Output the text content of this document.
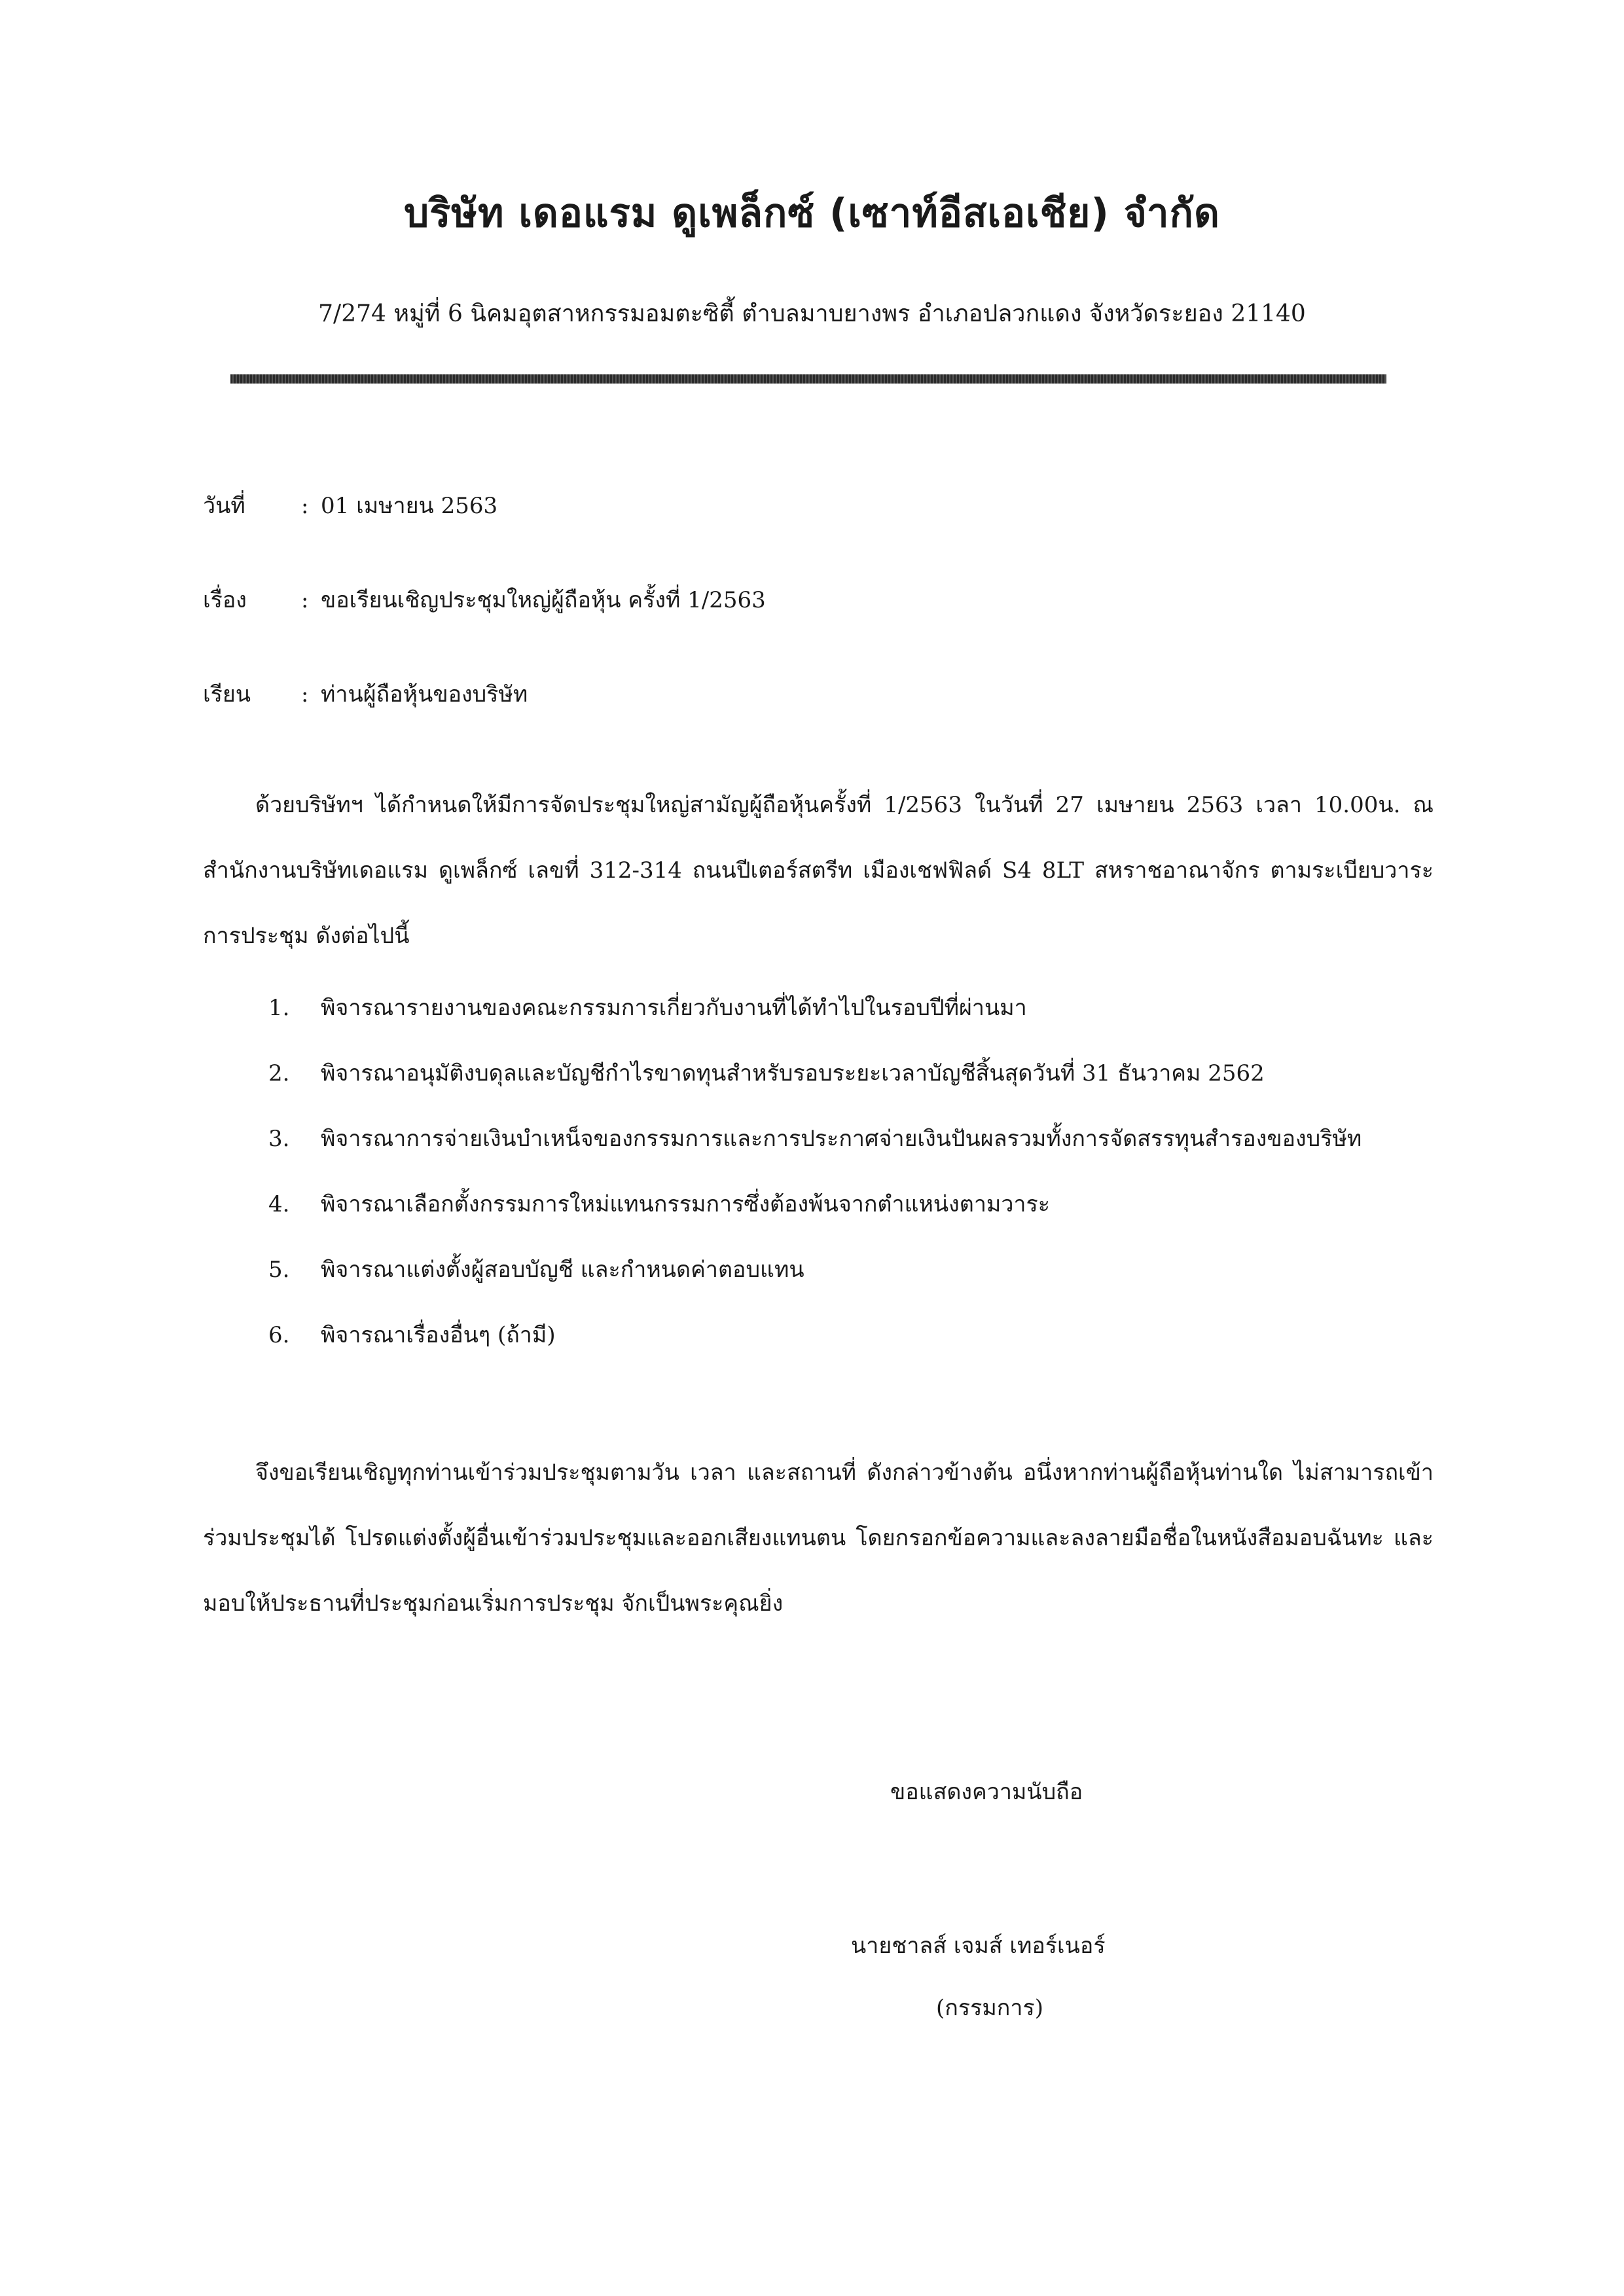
บริษัท เดอแรม ดูเพล็กซ์ (เซาท์อีสเอเชีย) จำกัด
7/274 หมู่ที่ 6 นิคมอุตสาหกรรมอมตะซิตี้ ตำบลมาบยางพร อำเภอปลวกแดง จังหวัดระยอง 21140
วันที่	: 01 เมษายน 2563
เรื่อง : ขอเรียนเชิญประชุมใหญ่ผู้ถือหุ้น ครั้งที่ 1/2563
เรียน : ท่านผู้ถือหุ้นของบริษัท

ด้วยบริษัทฯ ได้กำหนดให้มีการจัดประชุมใหญ่สามัญผู้ถือหุ้นครั้งที่ 1/2563 ในวันที่ 27 เมษายน 2563 เวลา 10.00น. ณ สำนักงานบริษัทเดอแรม ดูเพล็กซ์ เลขที่ 312-314 ถนนปีเตอร์สตรีท เมืองเชฟฟิลด์ S4 8LT สหราชอาณาจักร ตามระเบียบวาระการประชุม ดังต่อไปนี้

1. พิจารณารายงานของคณะกรรมการเกี่ยวกับงานที่ได้ทำไปในรอบปีที่ผ่านมา
2. พิจารณาอนุมัติงบดุลและบัญชีกำไรขาดทุนสำหรับรอบระยะเวลาบัญชีสิ้นสุดวันที่ 31 ธันวาคม 2562
3. พิจารณาการจ่ายเงินบำเหน็จของกรรมการและการประกาศจ่ายเงินปันผลรวมทั้งการจัดสรรทุนสำรองของบริษัท
4. พิจารณาเลือกตั้งกรรมการใหม่แทนกรรมการซึ่งต้องพ้นจากตำแหน่งตามวาระ
5. พิจารณาแต่งตั้งผู้สอบบัญชี และกำหนดค่าตอบแทน
6. พิจารณาเรื่องอื่นๆ (ถ้ามี)

จึงขอเรียนเชิญทุกท่านเข้าร่วมประชุมตามวัน เวลา และสถานที่ ดังกล่าวข้างต้น อนึ่งหากท่านผู้ถือหุ้นท่านใด ไม่สามารถเข้าร่วมประชุมได้ โปรดแต่งตั้งผู้อื่นเข้าร่วมประชุมและออกเสียงแทนตน โดยกรอกข้อความและลงลายมือชื่อในหนังสือมอบฉันทะ และมอบให้ประธานที่ประชุมก่อนเริ่มการประชุม จักเป็นพระคุณยิ่ง

ขอแสดงความนับถือ
นายชาลส์ เจมส์ เทอร์เนอร์
(กรรมการ)
